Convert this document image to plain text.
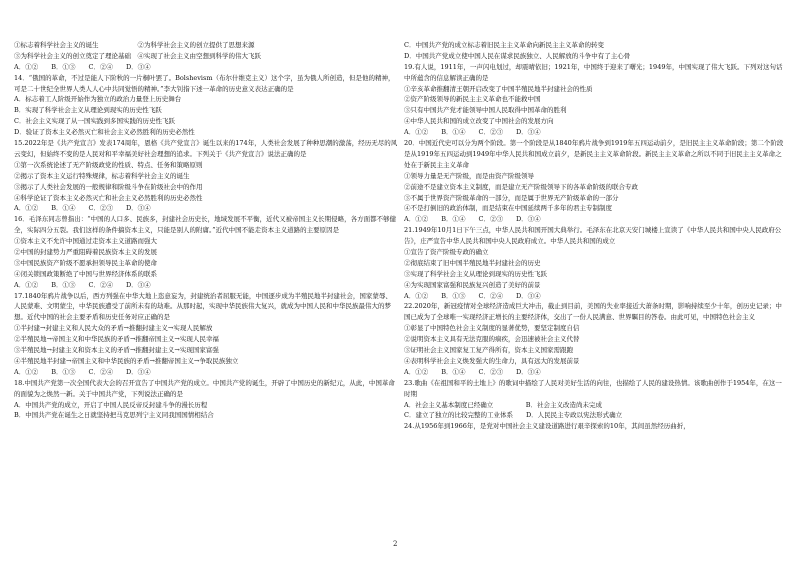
①标志着科学社会主义的诞生　　　　　　②为科学社会主义的创立提供了思想来源
③为科学社会主义的创立奠定了理论基础　④实现了社会主义由空想到科学的伟大飞跃
A．①②　　B．①③　　C．②④　　D．③④
14．“俄国的革命，不过是能人下阶秋的一片桐叶罢了。Bolshevism（布尔什维克主义）这个字，虽为俄人所创造，但是他的精神，可是二十世纪全世界人类人人心中共同觉悟的精神。”李大钊指下述一革命的历史意义表达正确的是
A．标志着工人阶级开始作为独立的政治力量登上历史舞台
B．实现了科学社会主义从理论到现实的历史性飞跃
C．社会主义实现了从一国实践到多国实践的历史性飞跃
D．验证了资本主义必然灭亡和社会主义必然胜利的历史必然性
15.2022年是《共产党宣言》发表174周年，恩格《共产党宣言》诞生以来的174年，人类社会发展了种种思潮的激荡，经历无尽的风云变幻，但始终不变的是人民对和平幸福美好社会理想的追求。下列关于《共产党宣言》说法正确的是
①第一次系统论述了无产阶级政党的性质、特点、任务和策略原则
②揭示了资本主义运行特殊规律，标志着科学社会主义的诞生
③揭示了人类社会发展的一般规律和阶级斗争在阶级社会中的作用
④科学论证了资本主义必然灭亡和社会主义必然胜利的历史必然性
A．①②　　B．①④　　C．②③　　D．③④
16．毛泽东同志曾指出：“中国的人口多、民族多，封建社会历史长，地域发展不平衡，近代又被帝国主义长期侵略，各方面都不够健全，实际四分五裂。我们这样的条件搞资本主义，只能是别人的附庸。”近代中国不能走资本主义道路的主要原因是
①资本主义不允许中国通过走资本主义道路而强大
②中国的封建势力严重阻碍着民族资本主义的发展
③中国民族资产阶级不愿承担领导民主革命的使命
④闭关锁国政策断绝了中国与世界经济体系的联系
A．①②　　B．①③　　C．②④　　D．③④
17.1840年鸦片战争以后，西方列强在中华大地上恣意妄为，封建统治者屈服无能，中国逐步成为半殖民地半封建社会，国家蒙辱、人民蒙难、文明蒙尘，中华民族遭受了前所未有的劫难。从那时起，实现中华民族伟大复兴，就成为中国人民和中华民族最伟大的梦想。近代中国的社会主要矛盾和历史任务对应正确的是
①半封建→封建主义和人民大众的矛盾→推翻封建主义→实现人民解放
②半殖民地→帝国主义和中华民族的矛盾→推翻帝国主义→实现人民幸福
③半殖民地→封建主义和资本主义的矛盾→推翻封建主义→实现国家富强
④半殖民地半封建→帝国主义和中华民族的矛盾→推翻帝国主义→争取民族独立
A．①②　　B．①③　　C．②④　　D．③④
18.中国共产党第一次全国代表大会的召开宣告了中国共产党的成立。中国共产党的诞生，开辟了中国历史的新纪元，从此，中国革命的面貌为之焕然一新。关于中国共产党，下列说法正确的是
A．中国共产党的成立，开启了中国人民反帝反封建斗争的漫长历程
B．中国共产党在诞生之日就坚持把马克思列宁主义同我国国情相结合
C．中国共产党的成立标志着旧民主主义革命向新民主主义革命的转变
D．中国共产党成立使中国人民在谋求民族独立、人民解放的斗争中有了主心骨
19.有人说，1911年，一声闪电划过，却震晴依旧；1921年，中国终于迎来了曙光；1949年，中国实现了伟大飞跃。下列对这句话中所蕴含的信息解读正确的是
①辛亥革命推翻清王朝开启改变了中国半殖民地半封建社会的性质
②资产阶级领导的新民主主义革命也不能救中国
③只有中国共产党才能领导中国人民取得中国革命的胜利
④中华人民共和国的成立改变了中国社会的发展方向
A．①②　　B．①④　　C．②③　　D．③④
20．中国近代史可以分为两个阶段。第一个阶段是从1840年鸦片战争到1919年五四运动前夕，是旧民主主义革命阶段；第二个阶段是从1919年五四运动到1949年中华人民共和国成立前夕，是新民主主义革命阶段。新民主主义革命之所以不同于旧民主主义革命之处在于新民主主义革命
①领导力量是无产阶级，而是由资产阶级领导
②前途不是建立资本主义制度，而是建立无产阶级领导下的各革命阶级的联合专政
③不属于世界资产阶级革命的一部分，而是属于世界无产阶级革命的一部分
④不是打倒旧的政治体制，而是结束在中国延续两千多年的君主专制制度
A．①②　　B．①④　　C．②③　　D．③④
21.1949年10月1日下午三点，中华人民共和国开国大典举行。毛泽东在北京天安门城楼上宣读了《中华人民共和国中央人民政府公告》，庄严宣告中华人民共和国中央人民政府成立。中华人民共和国的成立
①宣告了资产阶级专政的确立
②彻底结束了旧中国半殖民地半封建社会的历史
③实现了科学社会主义从理论到现实的历史性飞跃
④为实现国家富强和民族复兴创造了美好的前景
A．①②　　B．①③　　C．②④　　D．③④
22.2020年，新冠疫情对全球经济造成巨大冲击，截止到目前，美国的失业率接近大萧条时期，影响持续至少十年，创历史记录；中国已成为了全球唯一实现经济正增长的主要经济体，交出了一份人民满意、世界瞩目的答卷。由此可见，中国特色社会主义
①彰显了中国特色社会主义制度的显著优势，要坚定制度自信
②说明资本主义具有无法克服的痼疾，会迅速被社会主义代替
③证明社会主义国家复工复产得所有，资本主义国家需跟跑
④表明科学社会主义焕发强大的生命力，具有远大的发展前景
A．①②　　B．①④　　C．②③　　D．③④
23.歌曲《在祖国和平的土地上》的歌词中描绘了人民对美好生活的向往，也描绘了人民的建设热情。该歌曲创作于1954年，在这一时期
A．社会主义基本制度已经确立　　　　　B．社会主义改造尚未完成
C．建立了独立的比较完整的工业体系　　D．人民民主专政以宪法形式确立
24.从1956年到1966年，是党对中国社会主义建设道路进行艰辛探索的10年，其间虽然经历曲折，
2
